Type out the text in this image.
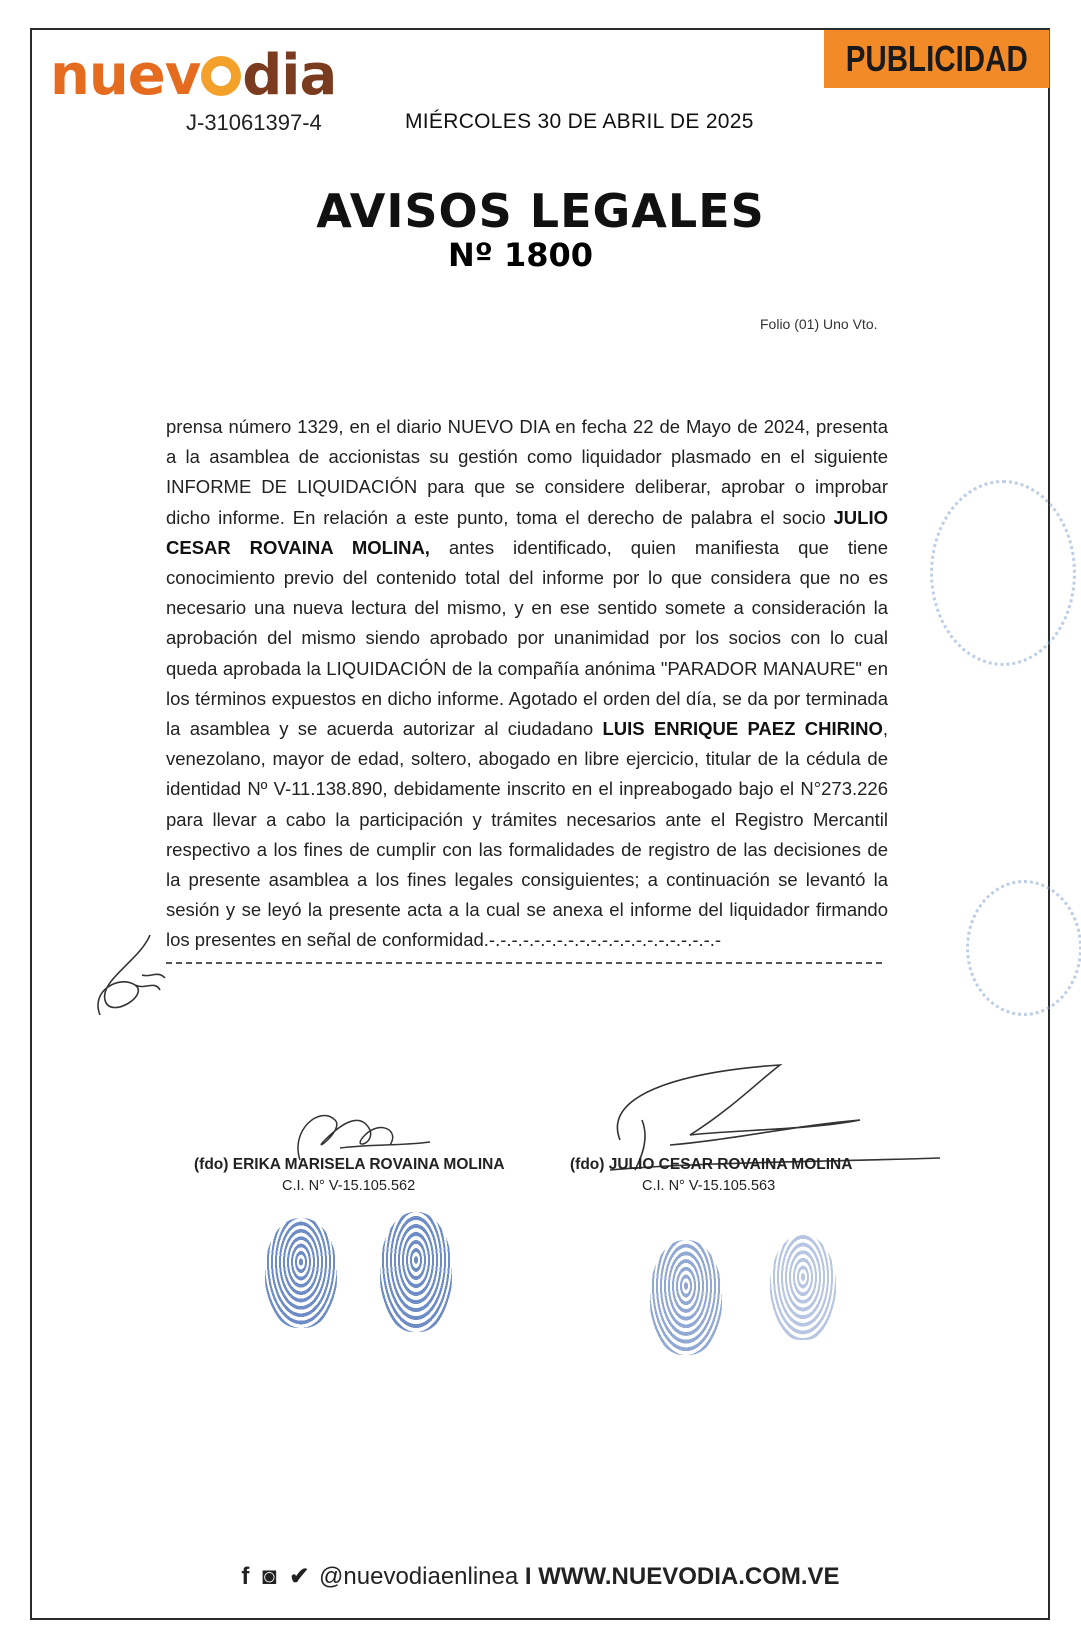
nuev dia
J-31061397-4	MIÉRCOLES 30 DE ABRIL DE 2025
PUBLICIDAD
AVISOS LEGALES
Nº 1800
Folio (01) Uno Vto.
prensa número 1329, en el diario NUEVO DIA en fecha 22 de Mayo de 2024, presenta a la asamblea de accionistas su gestión como liquidador plasmado en el siguiente INFORME DE LIQUIDACIÓN para que se considere deliberar, aprobar o improbar dicho informe. En relación a este punto, toma el derecho de palabra el socio JULIO CESAR ROVAINA MOLINA, antes identificado, quien manifiesta que tiene conocimiento previo del contenido total del informe por lo que considera que no es necesario una nueva lectura del mismo, y en ese sentido somete a consideración la aprobación del mismo siendo aprobado por unanimidad por los socios con lo cual queda aprobada la LIQUIDACIÓN de la compañía anónima "PARADOR MANAURE" en los términos expuestos en dicho informe. Agotado el orden del día, se da por terminada la asamblea y se acuerda autorizar al ciudadano LUIS ENRIQUE PAEZ CHIRINO, venezolano, mayor de edad, soltero, abogado en libre ejercicio, titular de la cédula de identidad Nº V-11.138.890, debidamente inscrito en el inpreabogado bajo el N°273.226 para llevar a cabo la participación y trámites necesarios ante el Registro Mercantil respectivo a los fines de cumplir con las formalidades de registro de las decisiones de la presente asamblea a los fines legales consiguientes; a continuación se levantó la sesión y se leyó la presente acta a la cual se anexa el informe del liquidador firmando los presentes en señal de conformidad.-.-.-.-.-.-.-.-.-.-.-.-.-.-.-.-.-.-.-.-.-
(fdo) ERIKA MARISELA ROVAINA MOLINA
C.I. N° V-15.105.562
(fdo) JULIO CESAR ROVAINA MOLINA
C.I. N° V-15.105.563
f ◙ ✔ @nuevodiaenlinea I WWW.NUEVODIA.COM.VE
